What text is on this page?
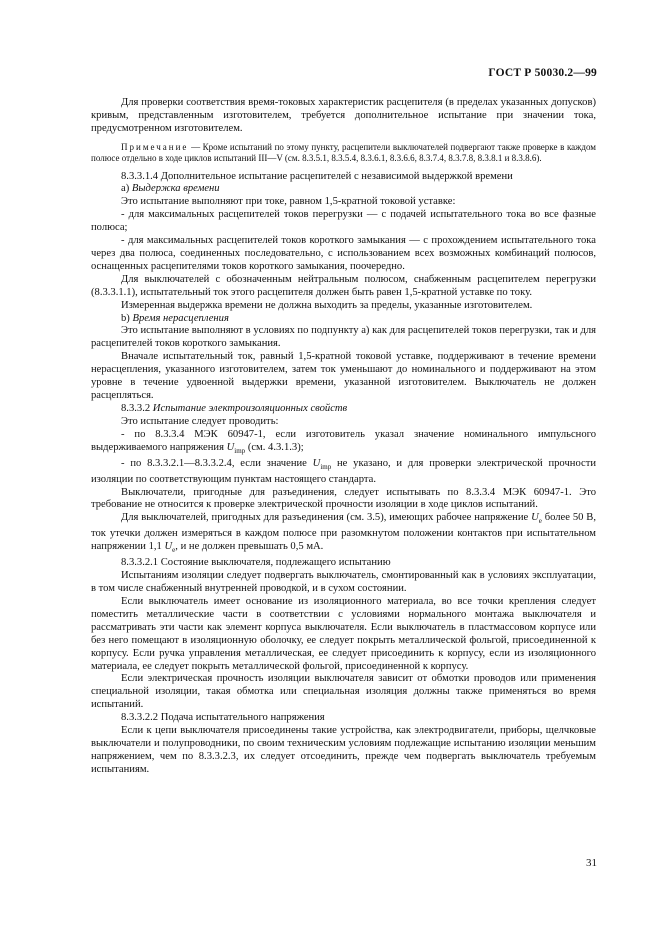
ГОСТ Р 50030.2—99

Для проверки соответствия время-токовых характеристик расцепителя (в пределах указанных допусков) кривым, представленным изготовителем, требуется дополнительное испытание при значении тока, предусмотренном изготовителем.

Примечание — Кроме испытаний по этому пункту, расцепители выключателей подвергают также проверке в каждом полюсе отдельно в ходе циклов испытаний III—V (см. 8.3.5.1, 8.3.5.4, 8.3.6.1, 8.3.6.6, 8.3.7.4, 8.3.7.8, 8.3.8.1 и 8.3.8.6).

8.3.3.1.4 Дополнительное испытание расцепителей с независимой выдержкой времени

а) Выдержка времени

Это испытание выполняют при токе, равном 1,5-кратной токовой уставке:

- для максимальных расцепителей токов перегрузки — с подачей испытательного тока во все фазные полюса;

- для максимальных расцепителей токов короткого замыкания — с прохождением испытательного тока через два полюса, соединенных последовательно, с использованием всех возможных комбинаций полюсов, оснащенных расцепителями токов короткого замыкания, поочередно.

Для выключателей с обозначенным нейтральным полюсом, снабженным расцепителем перегрузки (8.3.3.1.1), испытательный ток этого расцепителя должен быть равен 1,5-кратной уставке по току.

Измеренная выдержка времени не должна выходить за пределы, указанные изготовителем.

b) Время нерасцепления

Это испытание выполняют в условиях по подпункту а) как для расцепителей токов перегрузки, так и для расцепителей токов короткого замыкания.

Вначале испытательный ток, равный 1,5-кратной токовой уставке, поддерживают в течение времени нерасцепления, указанного изготовителем, затем ток уменьшают до номинального и поддерживают на этом уровне в течение удвоенной выдержки времени, указанной изготовителем. Выключатель не должен расцепляться.

8.3.3.2 Испытание электроизоляционных свойств

Это испытание следует проводить:

- по 8.3.3.4 МЭК 60947-1, если изготовитель указал значение номинального импульсного выдерживаемого напряжения $U_{imp}$ (см. 4.3.1.3);

- по 8.3.3.2.1—8.3.3.2.4, если значение $U_{imp}$ не указано, и для проверки электрической прочности изоляции по соответствующим пунктам настоящего стандарта.

Выключатели, пригодные для разъединения, следует испытывать по 8.3.3.4 МЭК 60947-1. Это требование не относится к проверке электрической прочности изоляции в ходе циклов испытаний.

Для выключателей, пригодных для разъединения (см. 3.5), имеющих рабочее напряжение $U_e$ более 50 В, ток утечки должен измеряться в каждом полюсе при разомкнутом положении контактов при испытательном напряжении 1,1 $U_e$, и не должен превышать 0,5 мА.

8.3.3.2.1 Состояние выключателя, подлежащего испытанию

Испытаниям изоляции следует подвергать выключатель, смонтированный как в условиях эксплуатации, в том числе снабженный внутренней проводкой, и в сухом состоянии.

Если выключатель имеет основание из изоляционного материала, во все точки крепления следует поместить металлические части в соответствии с условиями нормального монтажа выключателя и рассматривать эти части как элемент корпуса выключателя. Если выключатель в пластмассовом корпусе или без него помещают в изоляционную оболочку, ее следует покрыть металлической фольгой, присоединенной к корпусу. Если ручка управления металлическая, ее следует присоединить к корпусу, если из изоляционного материала, ее следует покрыть металлической фольгой, присоединенной к корпусу.

Если электрическая прочность изоляции выключателя зависит от обмотки проводов или применения специальной изоляции, такая обмотка или специальная изоляция должны также применяться во время испытаний.

8.3.3.2.2 Подача испытательного напряжения

Если к цепи выключателя присоединены такие устройства, как электродвигатели, приборы, щелчковые выключатели и полупроводники, по своим техническим условиям подлежащие испытанию изоляции меньшим напряжением, чем по 8.3.3.2.3, их следует отсоединить, прежде чем подвергать выключатель требуемым испытаниям.

31
